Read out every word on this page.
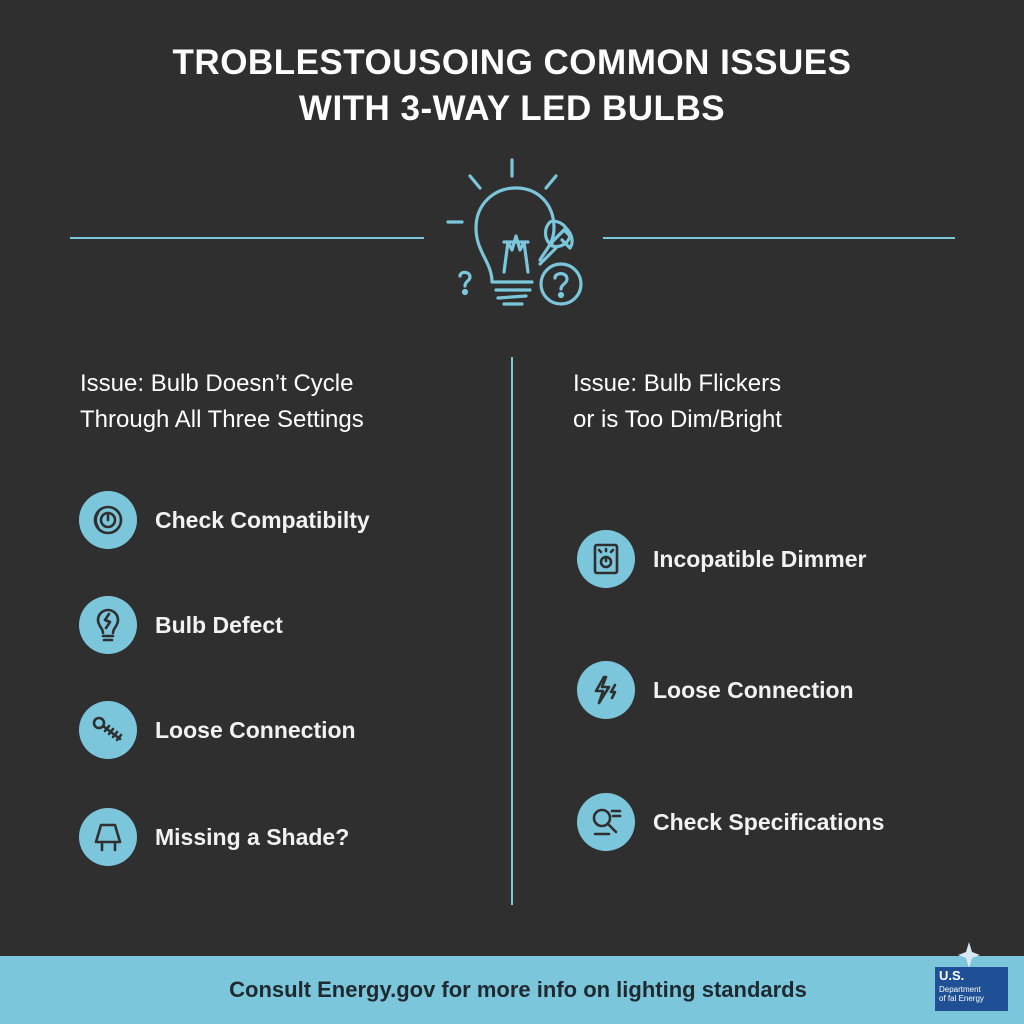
TROBLESTOUSOING COMMON ISSUES
WITH 3-WAY LED BULBS
Issue: Bulb Doesn’t Cycle
Through All Three Settings
Check Compatibilty
Bulb Defect
Loose Connection
Missing a Shade?
Issue: Bulb Flickers
or is Too Dim/Bright
Incopatible Dimmer
Loose Connection
Check Specifications
Consult Energy.gov for more info on lighting standards
U.S.
Department
of fal Energy
